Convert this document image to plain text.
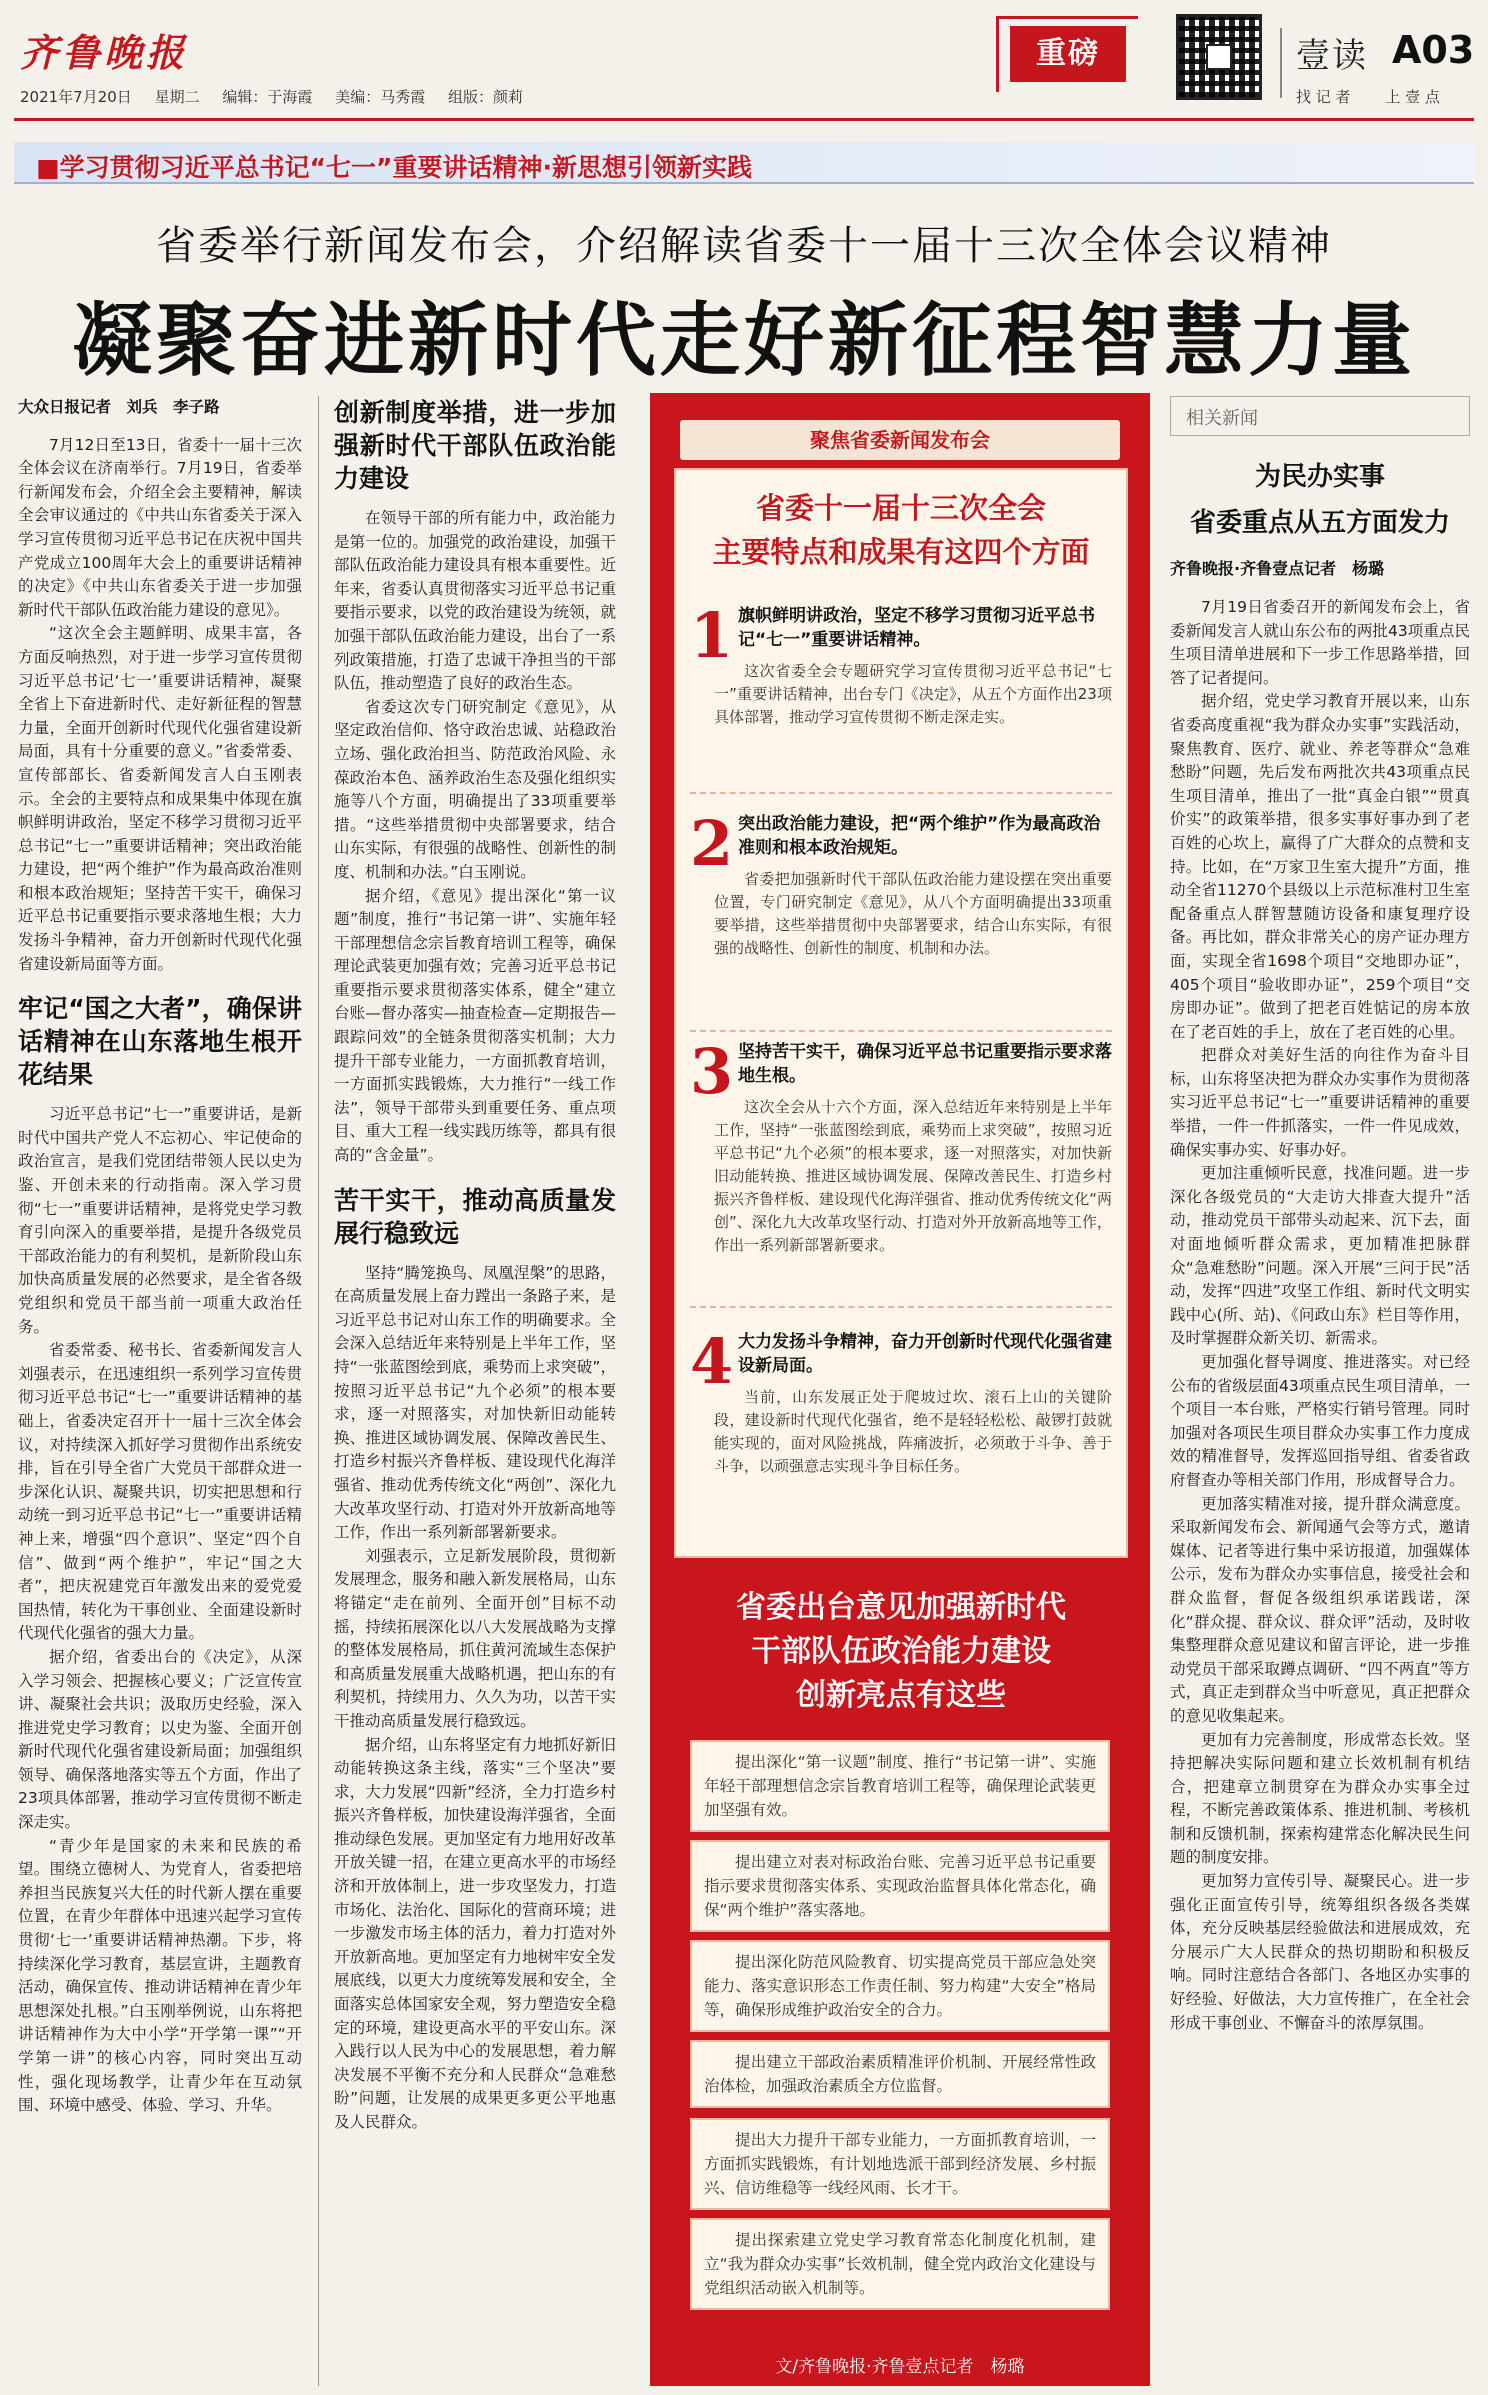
齐鲁晚报
2021年7月20日 星期二 编辑：于海霞 美编：马秀霞 组版：颜莉
重磅	壹读 A03
找 记 者 上 壹 点
■学习贯彻习近平总书记“七一”重要讲话精神·新思想引领新实践
省委举行新闻发布会，介绍解读省委十一届十三次全体会议精神
凝聚奋进新时代走好新征程智慧力量
大众日报记者　刘兵　李子路

7月12日至13日，省委十一届十三次全体会议在济南举行。7月19日，省委举行新闻发布会，介绍全会主要精神，解读全会审议通过的《中共山东省委关于深入学习宣传贯彻习近平总书记在庆祝中国共产党成立100周年大会上的重要讲话精神的决定》《中共山东省委关于进一步加强新时代干部队伍政治能力建设的意见》。

“这次全会主题鲜明、成果丰富，各方面反响热烈，对于进一步学习宣传贯彻习近平总书记‘七一’重要讲话精神，凝聚全省上下奋进新时代、走好新征程的智慧力量，全面开创新时代现代化强省建设新局面，具有十分重要的意义。”省委常委、宣传部部长、省委新闻发言人白玉刚表示。全会的主要特点和成果集中体现在旗帜鲜明讲政治，坚定不移学习贯彻习近平总书记“七一”重要讲话精神；突出政治能力建设，把“两个维护”作为最高政治准则和根本政治规矩；坚持苦干实干，确保习近平总书记重要指示要求落地生根；大力发扬斗争精神，奋力开创新时代现代化强省建设新局面等方面。

牢记“国之大者”，确保讲话精神在山东落地生根开花结果

习近平总书记“七一”重要讲话，是新时代中国共产党人不忘初心、牢记使命的政治宣言，是我们党团结带领人民以史为鉴、开创未来的行动指南。深入学习贯彻“七一”重要讲话精神，是将党史学习教育引向深入的重要举措，是提升各级党员干部政治能力的有利契机，是新阶段山东加快高质量发展的必然要求，是全省各级党组织和党员干部当前一项重大政治任务。

省委常委、秘书长、省委新闻发言人刘强表示，在迅速组织一系列学习宣传贯彻习近平总书记“七一”重要讲话精神的基础上，省委决定召开十一届十三次全体会议，对持续深入抓好学习贯彻作出系统安排，旨在引导全省广大党员干部群众进一步深化认识、凝聚共识，切实把思想和行动统一到习近平总书记“七一”重要讲话精神上来，增强“四个意识”、坚定“四个自信”、做到“两个维护”，牢记“国之大者”，把庆祝建党百年激发出来的爱党爱国热情，转化为干事创业、全面建设新时代现代化强省的强大力量。

据介绍，省委出台的《决定》，从深入学习领会、把握核心要义；广泛宣传宣讲、凝聚社会共识；汲取历史经验，深入推进党史学习教育；以史为鉴、全面开创新时代现代化强省建设新局面；加强组织领导、确保落地落实等五个方面，作出了23项具体部署，推动学习宣传贯彻不断走深走实。

“青少年是国家的未来和民族的希望。围绕立德树人、为党育人，省委把培养担当民族复兴大任的时代新人摆在重要位置，在青少年群体中迅速兴起学习宣传贯彻‘七一’重要讲话精神热潮。下步，将持续深化学习教育，基层宣讲，主题教育活动，确保宣传、推动讲话精神在青少年思想深处扎根。”白玉刚举例说，山东将把讲话精神作为大中小学“开学第一课”“开学第一讲”的核心内容，同时突出互动性，强化现场教学，让青少年在互动氛围、环境中感受、体验、学习、升华。

创新制度举措，进一步加强新时代干部队伍政治能力建设

在领导干部的所有能力中，政治能力是第一位的。加强党的政治建设，加强干部队伍政治能力建设具有根本重要性。近年来，省委认真贯彻落实习近平总书记重要指示要求，以党的政治建设为统领，就加强干部队伍政治能力建设，出台了一系列政策措施，打造了忠诚干净担当的干部队伍，推动塑造了良好的政治生态。

省委这次专门研究制定《意见》，从坚定政治信仰、恪守政治忠诚、站稳政治立场、强化政治担当、防范政治风险、永葆政治本色、涵养政治生态及强化组织实施等八个方面，明确提出了33项重要举措。“这些举措贯彻中央部署要求，结合山东实际，有很强的战略性、创新性的制度、机制和办法。”白玉刚说。

据介绍，《意见》提出深化“第一议题”制度，推行“书记第一讲”、实施年轻干部理想信念宗旨教育培训工程等，确保理论武装更加强有效；完善习近平总书记重要指示要求贯彻落实体系，健全“建立台账—督办落实—抽查检查—定期报告—跟踪问效”的全链条贯彻落实机制；大力提升干部专业能力，一方面抓教育培训，一方面抓实践锻炼，大力推行“一线工作法”，领导干部带头到重要任务、重点项目、重大工程一线实践历练等，都具有很高的“含金量”。

苦干实干，推动高质量发展行稳致远

坚持“腾笼换鸟、凤凰涅槃”的思路，在高质量发展上奋力蹚出一条路子来，是习近平总书记对山东工作的明确要求。全会深入总结近年来特别是上半年工作，坚持“一张蓝图绘到底，乘势而上求突破”，按照习近平总书记“九个必须”的根本要求，逐一对照落实，对加快新旧动能转换、推进区域协调发展、保障改善民生、打造乡村振兴齐鲁样板、建设现代化海洋强省、推动优秀传统文化“两创”、深化九大改革攻坚行动、打造对外开放新高地等工作，作出一系列新部署新要求。

刘强表示，立足新发展阶段，贯彻新发展理念，服务和融入新发展格局，山东将锚定“走在前列、全面开创”目标不动摇，持续拓展深化以八大发展战略为支撑的整体发展格局，抓住黄河流域生态保护和高质量发展重大战略机遇，把山东的有利契机，持续用力、久久为功，以苦干实干推动高质量发展行稳致远。

据介绍，山东将坚定有力地抓好新旧动能转换这条主线，落实“三个坚决”要求，大力发展“四新”经济，全力打造乡村振兴齐鲁样板，加快建设海洋强省，全面推动绿色发展。更加坚定有力地用好改革开放关键一招，在建立更高水平的市场经济和开放体制上，进一步攻坚发力，打造市场化、法治化、国际化的营商环境；进一步激发市场主体的活力，着力打造对外开放新高地。更加坚定有力地树牢安全发展底线，以更大力度统筹发展和安全，全面落实总体国家安全观，努力塑造安全稳定的环境，建设更高水平的平安山东。深入践行以人民为中心的发展思想，着力解决发展不平衡不充分和人民群众“急难愁盼”问题，让发展的成果更多更公平地惠及人民群众。

聚焦省委新闻发布会
省委十一届十三次全会
主要特点和成果有这四个方面
1 旗帜鲜明讲政治，坚定不移学习贯彻习近平总书记“七一”重要讲话精神。
这次省委全会专题研究学习宣传贯彻习近平总书记“七一”重要讲话精神，出台专门《决定》，从五个方面作出23项具体部署，推动学习宣传贯彻不断走深走实。
2 突出政治能力建设，把“两个维护”作为最高政治准则和根本政治规矩。
省委把加强新时代干部队伍政治能力建设摆在突出重要位置，专门研究制定《意见》，从八个方面明确提出33项重要举措，这些举措贯彻中央部署要求，结合山东实际，有很强的战略性、创新性的制度、机制和办法。
3 坚持苦干实干，确保习近平总书记重要指示要求落地生根。
这次全会从十六个方面，深入总结近年来特别是上半年工作，坚持“一张蓝图绘到底，乘势而上求突破”，按照习近平总书记“九个必须”的根本要求，逐一对照落实，对加快新旧动能转换、推进区域协调发展、保障改善民生、打造乡村振兴齐鲁样板、建设现代化海洋强省、推动优秀传统文化“两创”、深化九大改革攻坚行动、打造对外开放新高地等工作，作出一系列新部署新要求。
4 大力发扬斗争精神，奋力开创新时代现代化强省建设新局面。
当前，山东发展正处于爬坡过坎、滚石上山的关键阶段，建设新时代现代化强省，绝不是轻轻松松、敲锣打鼓就能实现的，面对风险挑战，阵痛波折，必须敢于斗争、善于斗争，以顽强意志实现斗争目标任务。
省委出台意见加强新时代
干部队伍政治能力建设
创新亮点有这些
提出深化“第一议题”制度、推行“书记第一讲”、实施年轻干部理想信念宗旨教育培训工程等，确保理论武装更加坚强有效。
提出建立对表对标政治台账、完善习近平总书记重要指示要求贯彻落实体系、实现政治监督具体化常态化，确保“两个维护”落实落地。
提出深化防范风险教育、切实提高党员干部应急处突能力、落实意识形态工作责任制、努力构建“大安全”格局等，确保形成维护政治安全的合力。
提出建立干部政治素质精准评价机制、开展经常性政治体检，加强政治素质全方位监督。
提出大力提升干部专业能力，一方面抓教育培训，一方面抓实践锻炼，有计划地选派干部到经济发展、乡村振兴、信访维稳等一线经风雨、长才干。
提出探索建立党史学习教育常态化制度化机制，建立“我为群众办实事”长效机制，健全党内政治文化建设与党组织活动嵌入机制等。
文/齐鲁晚报·齐鲁壹点记者　杨璐
相关新闻
为民办实事
省委重点从五方面发力
齐鲁晚报·齐鲁壹点记者　杨璐

7月19日省委召开的新闻发布会上，省委新闻发言人就山东公布的两批43项重点民生项目清单进展和下一步工作思路举措，回答了记者提问。

据介绍，党史学习教育开展以来，山东省委高度重视“我为群众办实事”实践活动，聚焦教育、医疗、就业、养老等群众“急难愁盼”问题，先后发布两批次共43项重点民生项目清单，推出了一批“真金白银”“贯真价实”的政策举措，很多实事好事办到了老百姓的心坎上，赢得了广大群众的点赞和支持。比如，在“万家卫生室大提升”方面，推动全省11270个县级以上示范标准村卫生室配备重点人群智慧随访设备和康复理疗设备。再比如，群众非常关心的房产证办理方面，实现全省1698个项目“交地即办证”，405个项目“验收即办证”，259个项目“交房即办证”。做到了把老百姓惦记的房本放在了老百姓的手上，放在了老百姓的心里。

把群众对美好生活的向往作为奋斗目标，山东将坚决把为群众办实事作为贯彻落实习近平总书记“七一”重要讲话精神的重要举措，一件一件抓落实，一件一件见成效，确保实事办实、好事办好。

更加注重倾听民意，找准问题。进一步深化各级党员的“大走访大排查大提升”活动，推动党员干部带头动起来、沉下去，面对面地倾听群众需求，更加精准把脉群众“急难愁盼”问题。深入开展“三问于民”活动，发挥“四进”攻坚工作组、新时代文明实践中心(所、站)、《问政山东》栏目等作用，及时掌握群众新关切、新需求。

更加强化督导调度、推进落实。对已经公布的省级层面43项重点民生项目清单，一个项目一本台账，严格实行销号管理。同时加强对各项民生项目群众办实事工作力度成效的精准督导，发挥巡回指导组、省委省政府督查办等相关部门作用，形成督导合力。

更加落实精准对接，提升群众满意度。采取新闻发布会、新闻通气会等方式，邀请媒体、记者等进行集中采访报道，加强媒体公示，发布为群众办实事信息，接受社会和群众监督，督促各级组织承诺践诺，深化“群众提、群众议、群众评”活动，及时收集整理群众意见建议和留言评论，进一步推动党员干部采取蹲点调研、“四不两直”等方式，真正走到群众当中听意见，真正把群众的意见收集起来。

更加有力完善制度，形成常态长效。坚持把解决实际问题和建立长效机制有机结合，把建章立制贯穿在为群众办实事全过程，不断完善政策体系、推进机制、考核机制和反馈机制，探索构建常态化解决民生问题的制度安排。

更加努力宣传引导、凝聚民心。进一步强化正面宣传引导，统筹组织各级各类媒体，充分反映基层经验做法和进展成效，充分展示广大人民群众的热切期盼和积极反响。同时注意结合各部门、各地区办实事的好经验、好做法，大力宣传推广，在全社会形成干事创业、不懈奋斗的浓厚氛围。
